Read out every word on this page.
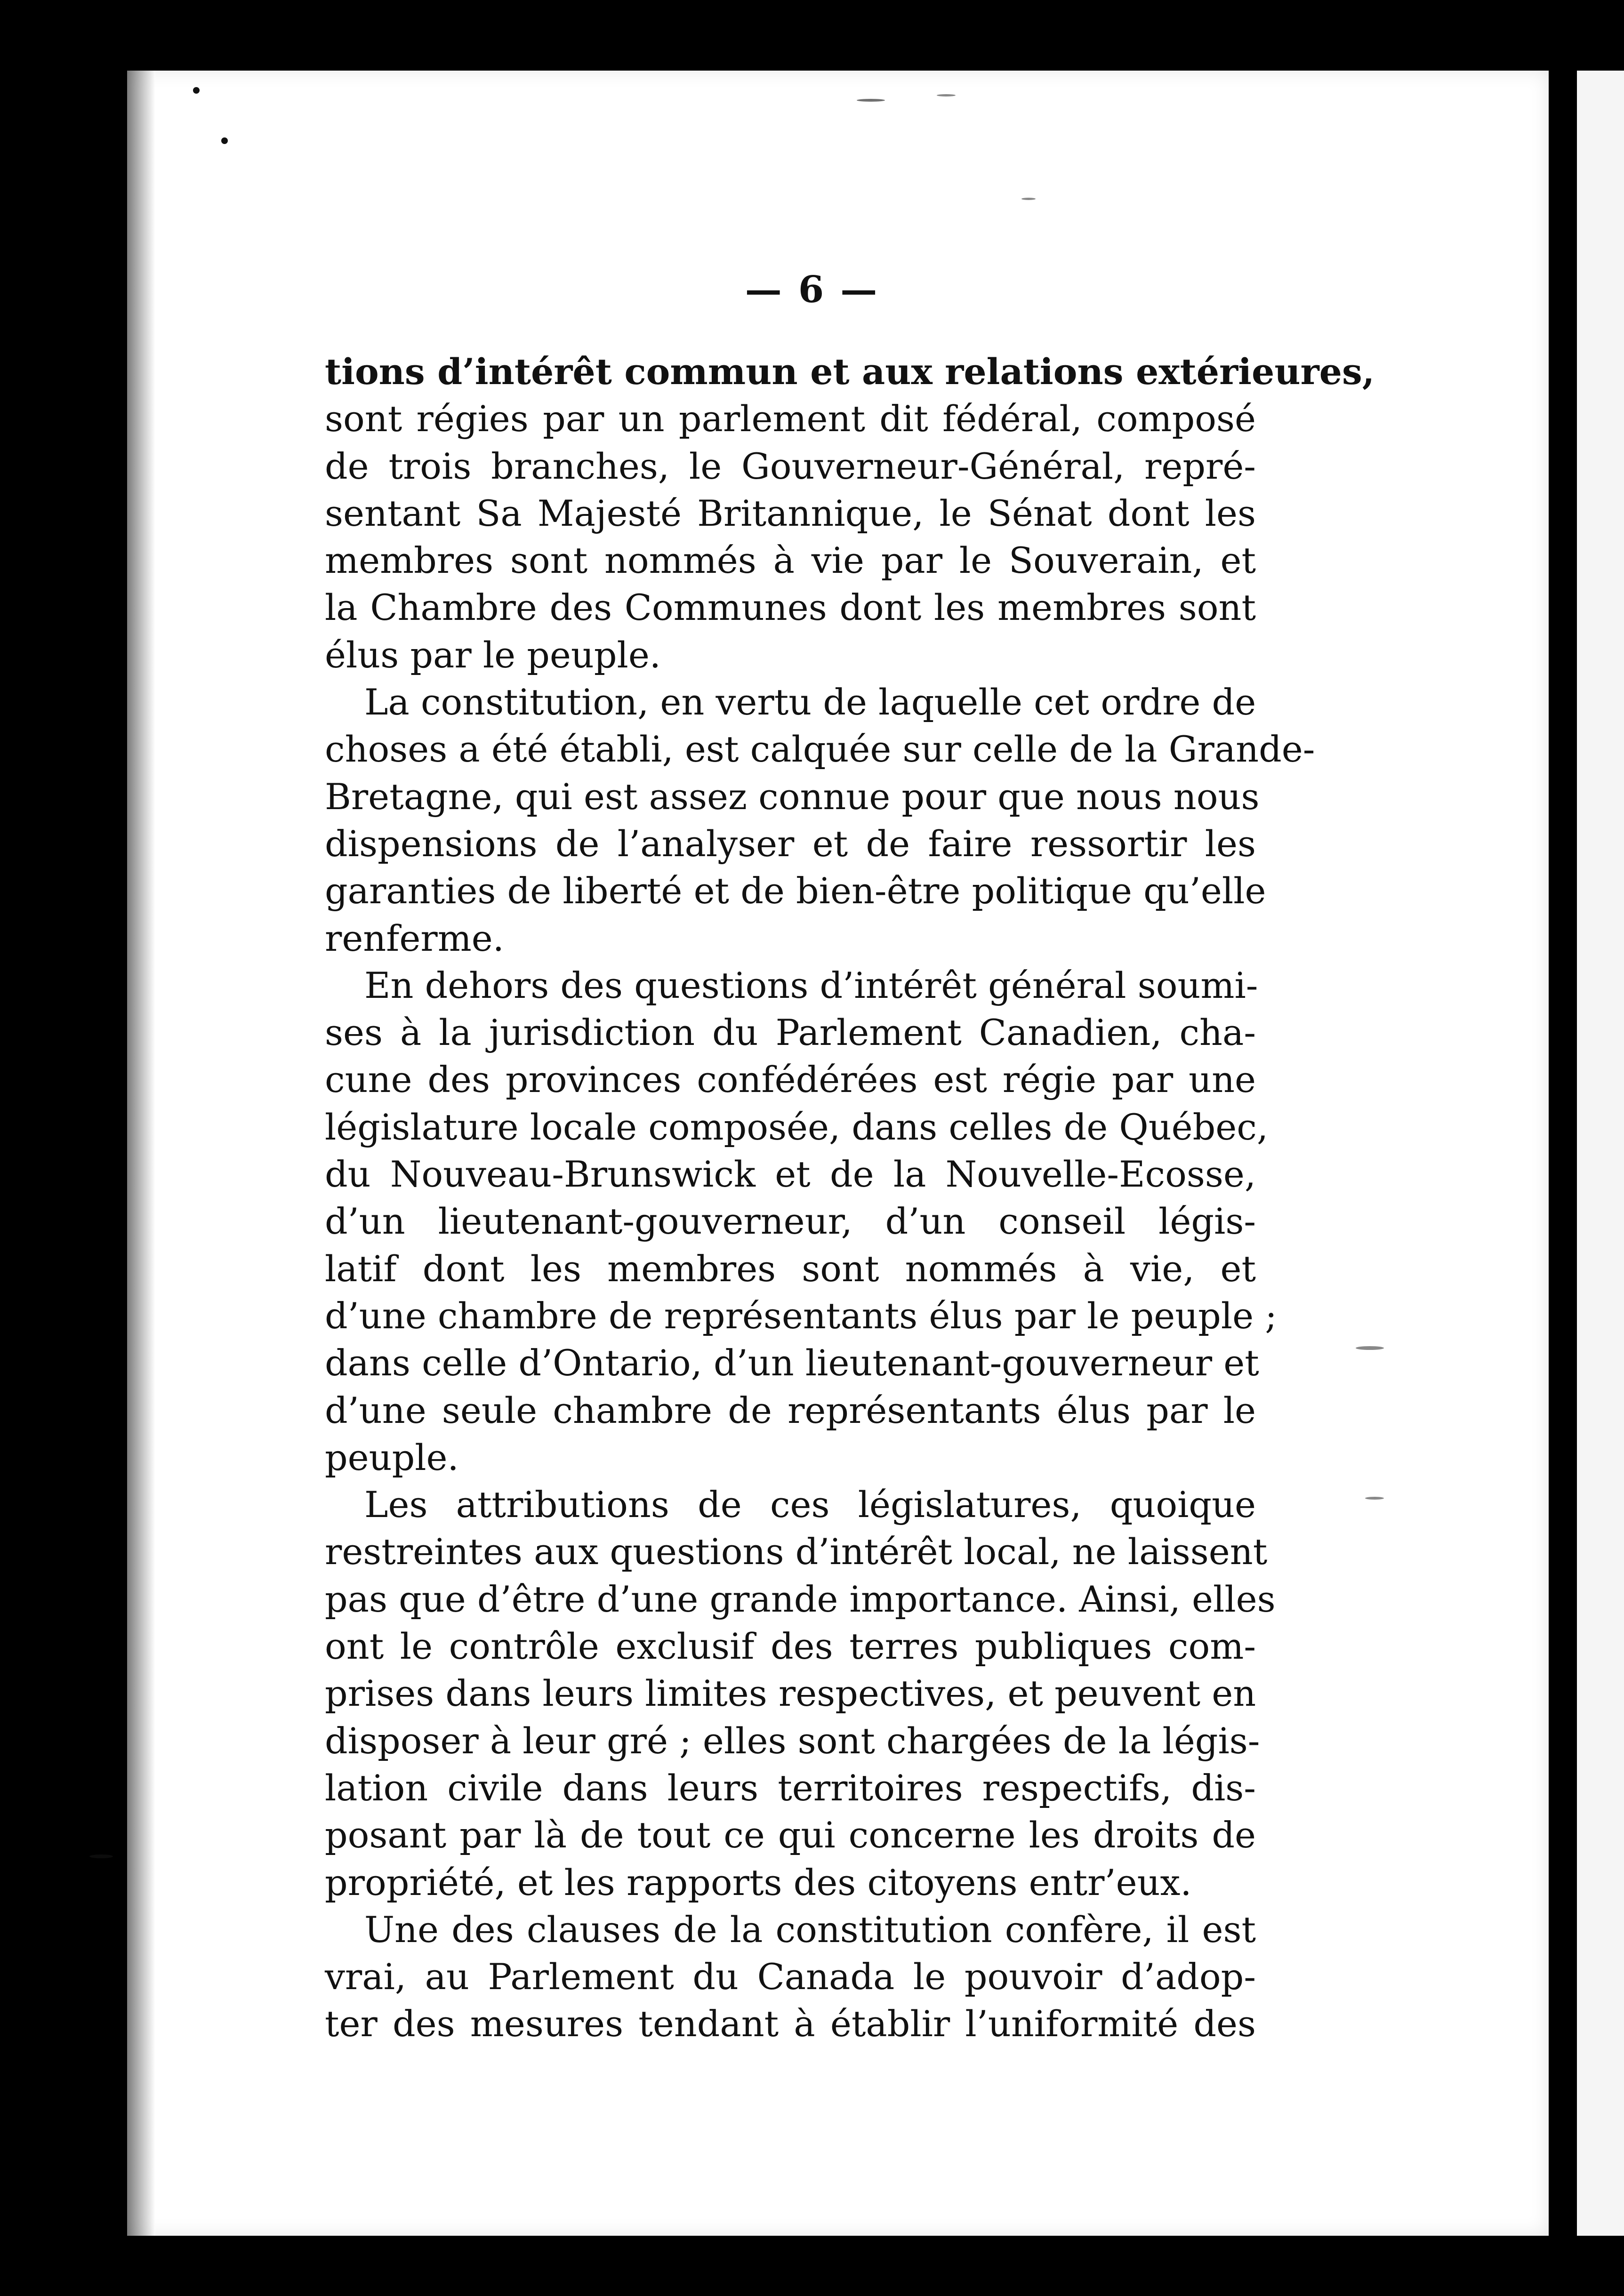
— 6 —
tions d’intérêt commun et aux relations extérieures,
sont régies par un parlement dit fédéral, composé
de trois branches, le Gouverneur-Général, repré-
sentant Sa Majesté Britannique, le Sénat dont les
membres sont nommés à vie par le Souverain, et
la Chambre des Communes dont les membres sont
élus par le peuple.
La constitution, en vertu de laquelle cet ordre de
choses a été établi, est calquée sur celle de la Grande-
Bretagne, qui est assez connue pour que nous nous
dispensions de l’analyser et de faire ressortir les
garanties de liberté et de bien-être politique qu’elle
renferme.
En dehors des questions d’intérêt général soumi-
ses à la jurisdiction du Parlement Canadien, cha-
cune des provinces confédérées est régie par une
législature locale composée, dans celles de Québec,
du Nouveau-Brunswick et de la Nouvelle-Ecosse,
d’un lieutenant-gouverneur, d’un conseil légis-
latif dont les membres sont nommés à vie, et
d’une chambre de représentants élus par le peuple ;
dans celle d’Ontario, d’un lieutenant-gouverneur et
d’une seule chambre de représentants élus par le
peuple.
Les attributions de ces législatures, quoique
restreintes aux questions d’intérêt local, ne laissent
pas que d’être d’une grande importance. Ainsi, elles
ont le contrôle exclusif des terres publiques com-
prises dans leurs limites respectives, et peuvent en
disposer à leur gré ; elles sont chargées de la légis-
lation civile dans leurs territoires respectifs, dis-
posant par là de tout ce qui concerne les droits de
propriété, et les rapports des citoyens entr’eux.
Une des clauses de la constitution confère, il est
vrai, au Parlement du Canada le pouvoir d’adop-
ter des mesures tendant à établir l’uniformité des
